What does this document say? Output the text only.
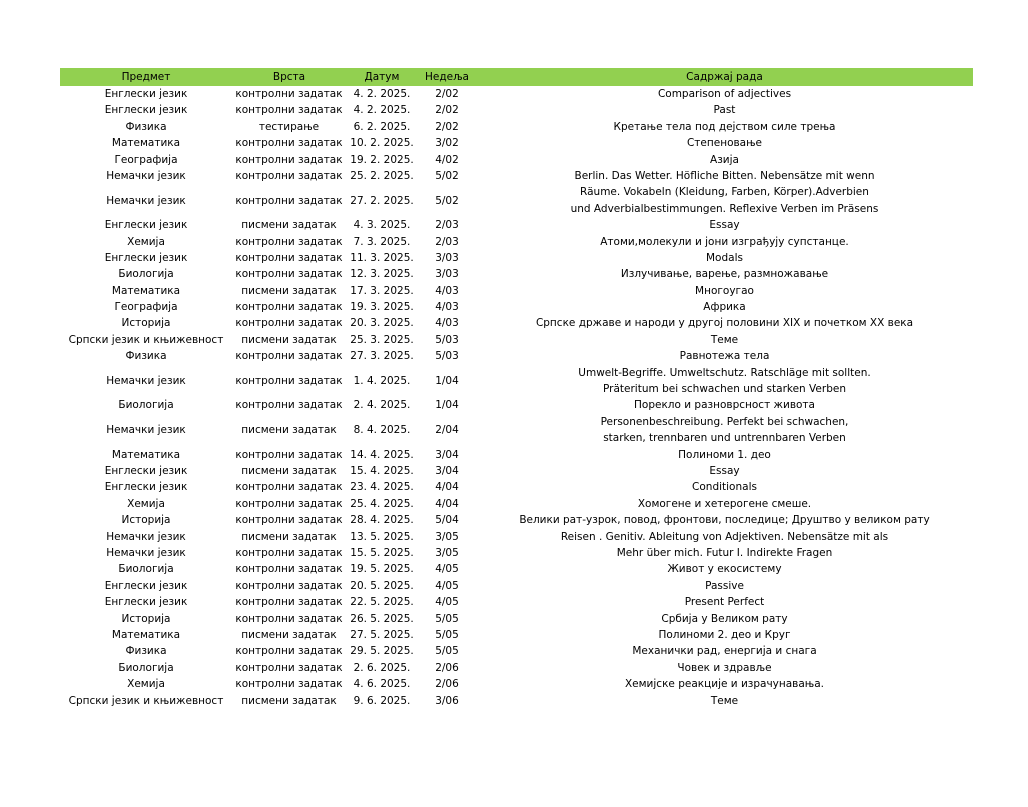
Предмет	Врста	Датум	Недеља	Садржај рада
Енглески језик	контролни задатак	4. 2. 2025.	2/02	Comparison of adjectives
Енглески језик	контролни задатак	4. 2. 2025.	2/02	Past
Физика	тестирање	6. 2. 2025.	2/02	Кретање тела под дејством силе трења
Математика	контролни задатак 10. 2. 2025.	3/02	Степеновање
Географија	контролни задатак 19. 2. 2025.	4/02	Азија
Немачки језик	контролни задатак 25. 2. 2025.	5/02	Berlin. Das Wetter. Höfliche Bitten. Nebensätze mit wenn
Немачки језик	контролни задатак 27. 2. 2025.	5/02
Räume. Vokabeln (Kleidung, Farben, Körper).Adverbien
und Adverbialbestimmungen. Reflexive Verben im Präsens
Енглески језик	писмени задатак	4. 3. 2025.	2/03	Essay
Хемија	контролни задатак	7. 3. 2025.	2/03	Атоми,молекули и јони изграђују супстанце.
Енглески језик	контролни задатак 11. 3. 2025.	3/03	Modals
Биологија	контролни задатак 12. 3. 2025.	3/03	Излучивање, варење, размножавање
Математика	писмени задатак	17. 3. 2025.	4/03	Многоугао
Географија	контролни задатак 19. 3. 2025.	4/03	Африка
Историја	контролни задатак 20. 3. 2025.	4/03	Српске државе и народи у другој половини XIX и почетком XX века
Српски језик и књижевност	писмени задатак	25. 3. 2025.	5/03	Теме
Физика	контролни задатак 27. 3. 2025.	5/03	Равнотежа тела
Немачки језик	контролни задатак	1. 4. 2025.	1/04
Umwelt-Begriffe. Umweltschutz. Ratschläge mit sollten.
Präteritum bei schwachen und starken Verben
Биологија	контролни задатак	2. 4. 2025.	1/04	Порекло и разноврсност живота
Немачки језик	писмени задатак	8. 4. 2025.	2/04
Personenbeschreibung. Perfekt bei schwachen,
starken, trennbaren und untrennbaren Verben
Математика	контролни задатак 14. 4. 2025.	3/04	Полиноми 1. део
Енглески језик	писмени задатак	15. 4. 2025.	3/04	Essay
Енглески језик	контролни задатак 23. 4. 2025.	4/04	Conditionals
Хемија	контролни задатак 25. 4. 2025.	4/04	Хомогене и хетерогене смеше.
Историја	контролни задатак 28. 4. 2025.	5/04	Велики рат-узрок, повод, фронтови, последице; Друштво у великом рату
Немачки језик	писмени задатак	13. 5. 2025.	3/05	Reisen . Genitiv. Ableitung von Adjektiven. Nebensätze mit als
Немачки језик	контролни задатак 15. 5. 2025.	3/05	Mehr über mich. Futur I. Indirekte Fragen
Биологија	контролни задатак 19. 5. 2025.	4/05	Живот у екосистему
Енглески језик	контролни задатак 20. 5. 2025.	4/05	Passive
Енглески језик	контролни задатак 22. 5. 2025.	4/05	Present Perfect
Историја	контролни задатак 26. 5. 2025.	5/05	Србија у Великом рату
Математика	писмени задатак	27. 5. 2025.	5/05	Полиноми 2. део и Круг
Физика	контролни задатак 29. 5. 2025.	5/05	Механички рад, енергија и снага
Биологија	контролни задатак	2. 6. 2025.	2/06	Човек и здравље
Хемија	контролни задатак	4. 6. 2025.	2/06	Хемијске реакције и израчунавања.
Српски језик и књижевност	писмени задатак	9. 6. 2025.	3/06	Теме
